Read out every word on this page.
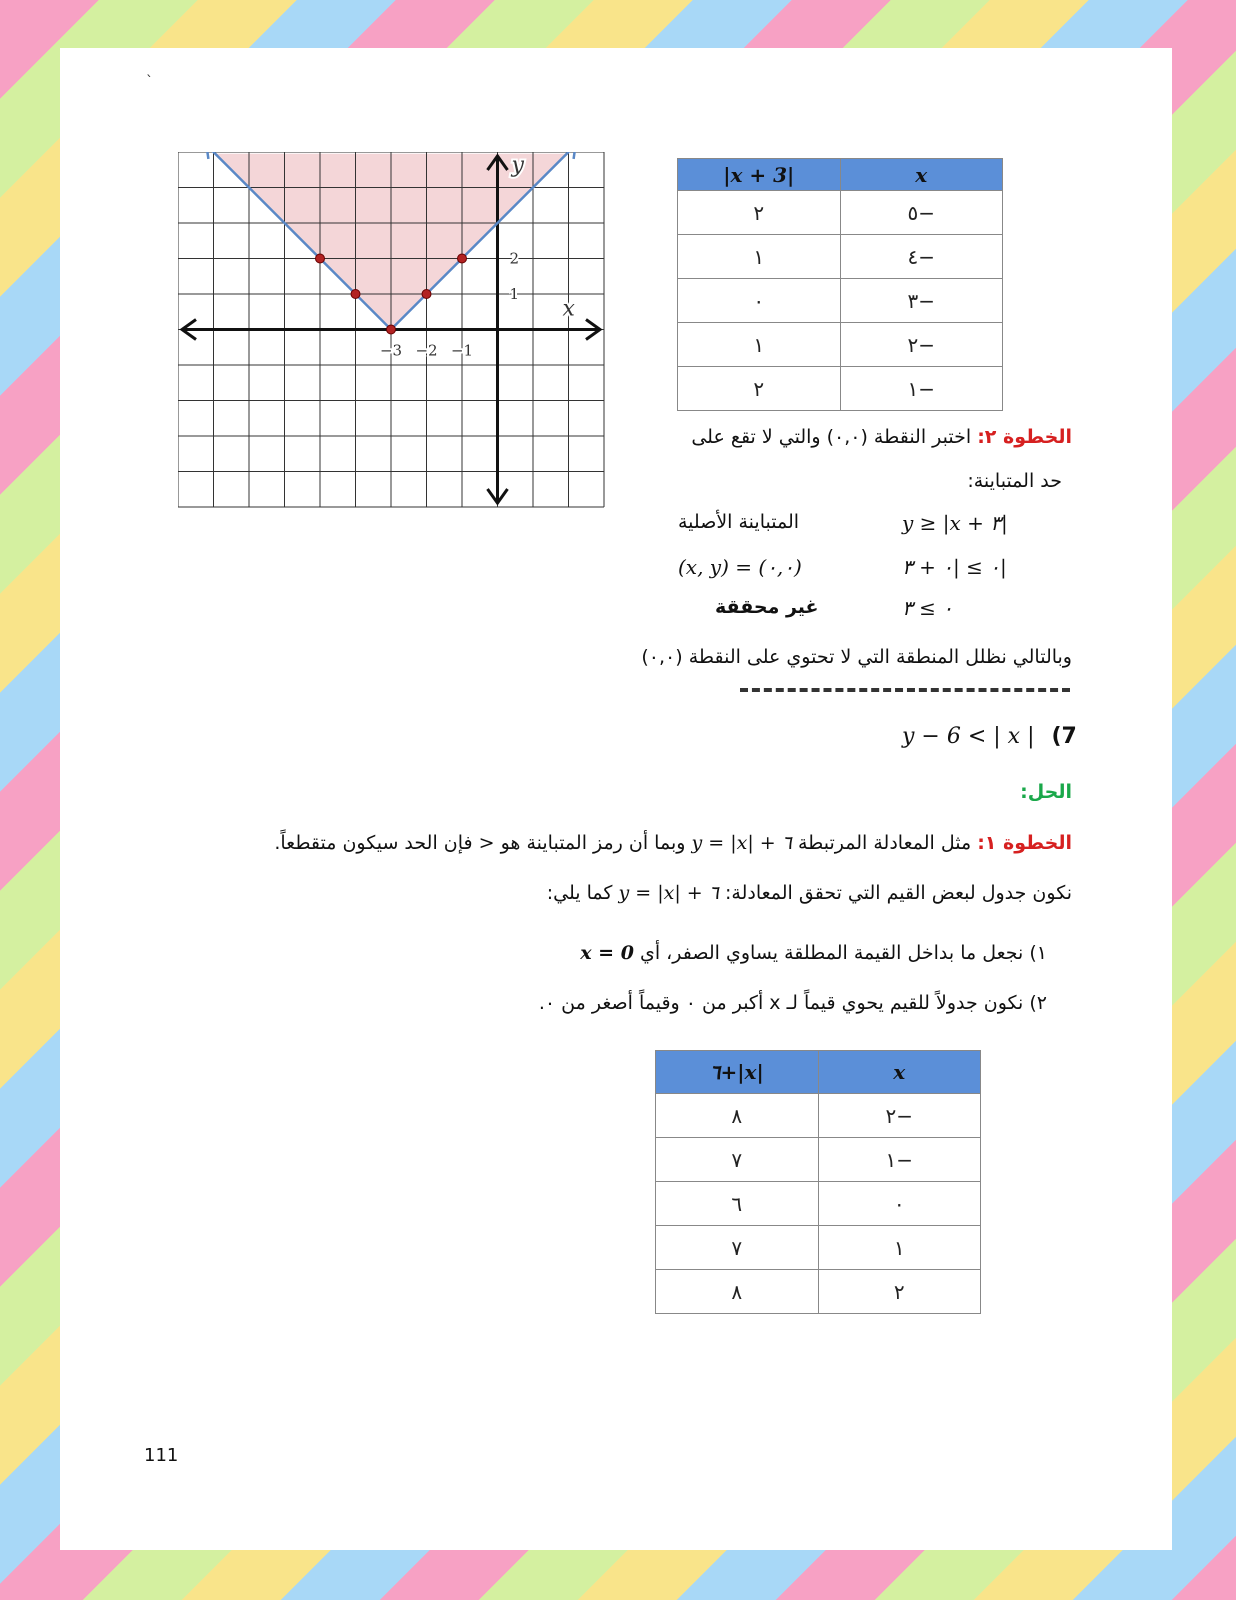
`
−3 −2 −1
2
1
x
y	x	|x + 3|
−٥	٢
−٤	١
−٣	٠
−٢	١
−١	٢
الخطوة ٢: اختبر النقطة (٠,٠) والتي لا تقع على
حد المتباينة:
المتباينة الأصلية	y ≥ |x + ٣|
(x, y) = (٠,٠)	٠ ≥ |٠ + ٣|
غير محققة	٠ ≥ ٣
وبالتالي نظلل المنطقة التي لا تحتوي على النقطة (٠,٠)
y − 6 < | x | (7
الحل:
الخطوة ١: مثل المعادلة المرتبطة y = |x| + ٦ وبما أن رمز المتباينة هو < فإن الحد سيكون متقطعاً.
نكون جدول لبعض القيم التي تحقق المعادلة: y = |x| + ٦ كما يلي:
١) نجعل ما بداخل القيمة المطلقة يساوي الصفر، أي x = 0
٢) نكون جدولاً للقيم يحوي قيماً لـ x أكبر من ٠ وقيماً أصغر من ٠.
x	|x|+٦
−٢	٨
−١	٧
٠	٦
١	٧
٢	٨
111
